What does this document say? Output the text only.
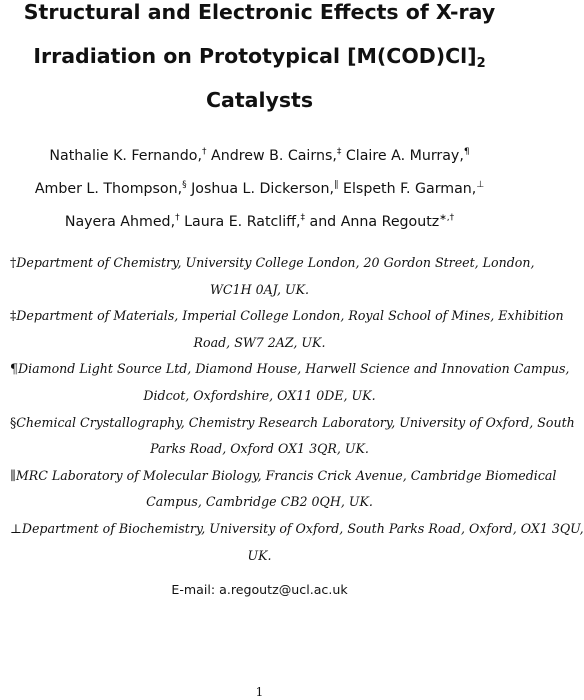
Structural and Electronic Effects of X-ray
Irradiation on Prototypical $[M(COD)Cl]_2$
Catalysts
Nathalie K. Fernando,† Andrew B. Cairns,‡ Claire A. Murray,¶
Amber L. Thompson,§ Joshua L. Dickerson,∥ Elspeth F. Garman,⊥
Nayera Ahmed,† Laura E. Ratcliff,‡ and Anna Regoutz∗,†
†Department of Chemistry, University College London, 20 Gordon Street, London,
WC1H 0AJ, UK.
‡Department of Materials, Imperial College London, Royal School of Mines, Exhibition
Road, SW7 2AZ, UK.
¶Diamond Light Source Ltd, Diamond House, Harwell Science and Innovation Campus,
Didcot, Oxfordshire, OX11 0DE, UK.
§Chemical Crystallography, Chemistry Research Laboratory, University of Oxford, South
Parks Road, Oxford OX1 3QR, UK.
∥MRC Laboratory of Molecular Biology, Francis Crick Avenue, Cambridge Biomedical
Campus, Cambridge CB2 0QH, UK.
⊥Department of Biochemistry, University of Oxford, South Parks Road, Oxford, OX1 3QU,
UK.
E-mail: a.regoutz@ucl.ac.uk
1
